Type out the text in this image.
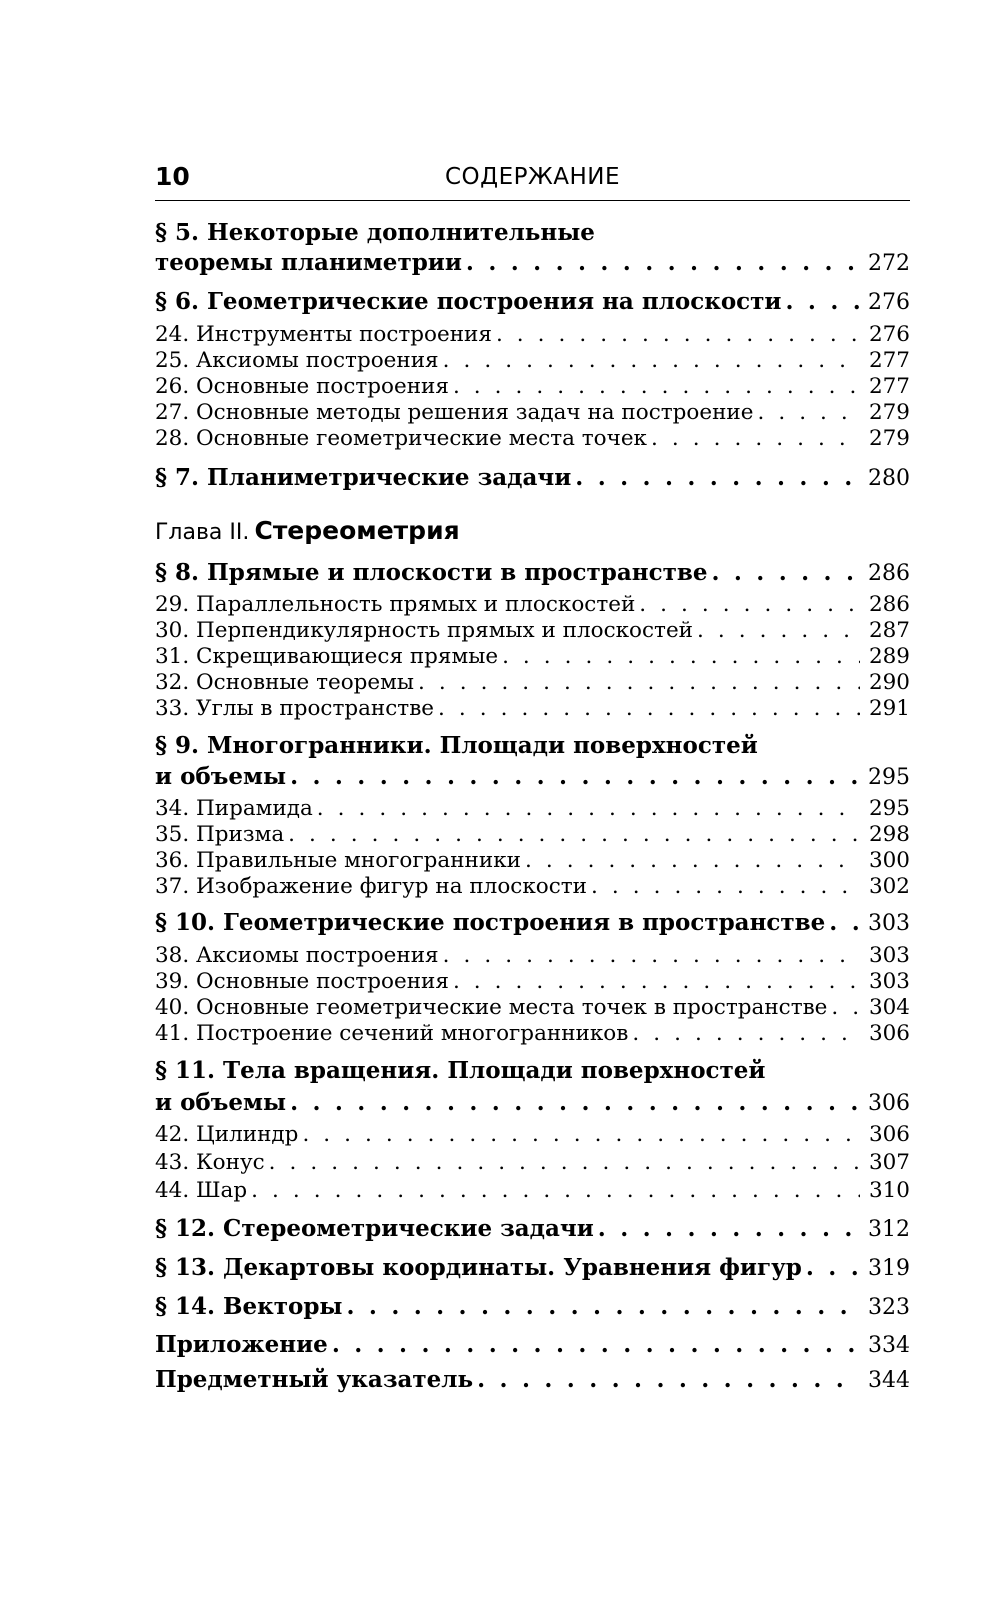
10	СОДЕРЖАНИЕ
§ 5. Некоторые дополнительные
теоремы планиметрии . . .	272
§ 6. Геометрические построения на плоскости . . .	276
24. Инструменты построения . . .	276
25. Аксиомы построения . . .	277
26. Основные построения . . .	277
27. Основные методы решения задач на построение . . .	279
28. Основные геометрические места точек . . .	279
§ 7. Планиметрические задачи . . .	280
§ 8. Прямые и плоскости в пространстве . . .	286
29. Параллельность прямых и плоскостей . . .	286
30. Перпендикулярность прямых и плоскостей . . .	287
31. Скрещивающиеся прямые . . .	289
32. Основные теоремы . . .	290
33. Углы в пространстве . . .	291
§ 9. Многогранники. Площади поверхностей
и объемы . . .	295
34. Пирамида . . .	295
35. Призма . . .	298
36. Правильные многогранники . . .	300
37. Изображение фигур на плоскости . . .	302
§ 10. Геометрические построения в пространстве . . . 303
38. Аксиомы построения . . .	303
39. Основные построения . . .	303
40. Основные геометрические места точек в пространстве . . . 304
41. Построение сечений многогранников . . .	306
§ 11. Тела вращения. Площади поверхностей
и объемы . . .	306
42. Цилиндр . . .	306
43. Конус . . .	307
44. Шар . . .	310
§ 12. Стереометрические задачи . . .	312
§ 13. Декартовы координаты. Уравнения фигур . . .	319
§ 14. Векторы . . .	323
Приложение . . .	334
Предметный указатель . . .	344
Глава II. Стереометрия
